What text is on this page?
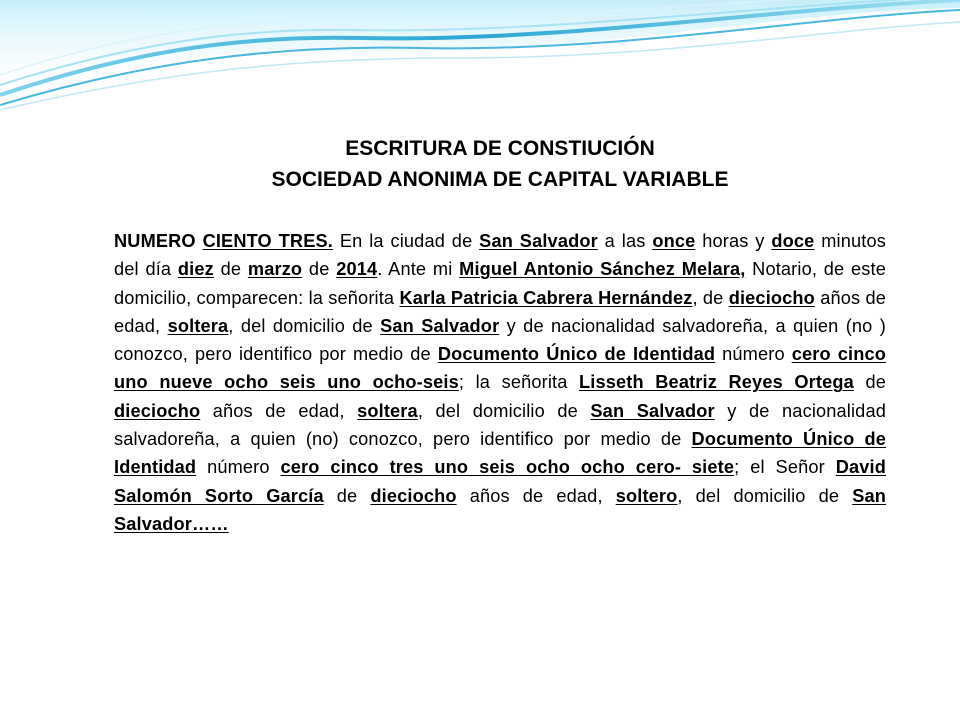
ESCRITURA DE CONSTIUCIÓN
SOCIEDAD ANONIMA DE CAPITAL VARIABLE
NUMERO CIENTO TRES. En la ciudad de San Salvador a las once horas y doce minutos del día diez de marzo de 2014. Ante mi Miguel Antonio Sánchez Melara, Notario, de este domicilio, comparecen: la señorita Karla Patricia Cabrera Hernández, de dieciocho años de edad, soltera, del domicilio de San Salvador y de nacionalidad salvadoreña, a quien (no ) conozco, pero identifico por medio de Documento Único de Identidad número cero cinco uno nueve ocho seis uno ocho-seis; la señorita Lisseth Beatriz Reyes Ortega de dieciocho años de edad, soltera, del domicilio de San Salvador y de nacionalidad salvadoreña, a quien (no) conozco, pero identifico por medio de Documento Único de Identidad número cero cinco tres uno seis ocho ocho cero- siete; el Señor David Salomón Sorto García de dieciocho años de edad, soltero, del domicilio de San Salvador……
